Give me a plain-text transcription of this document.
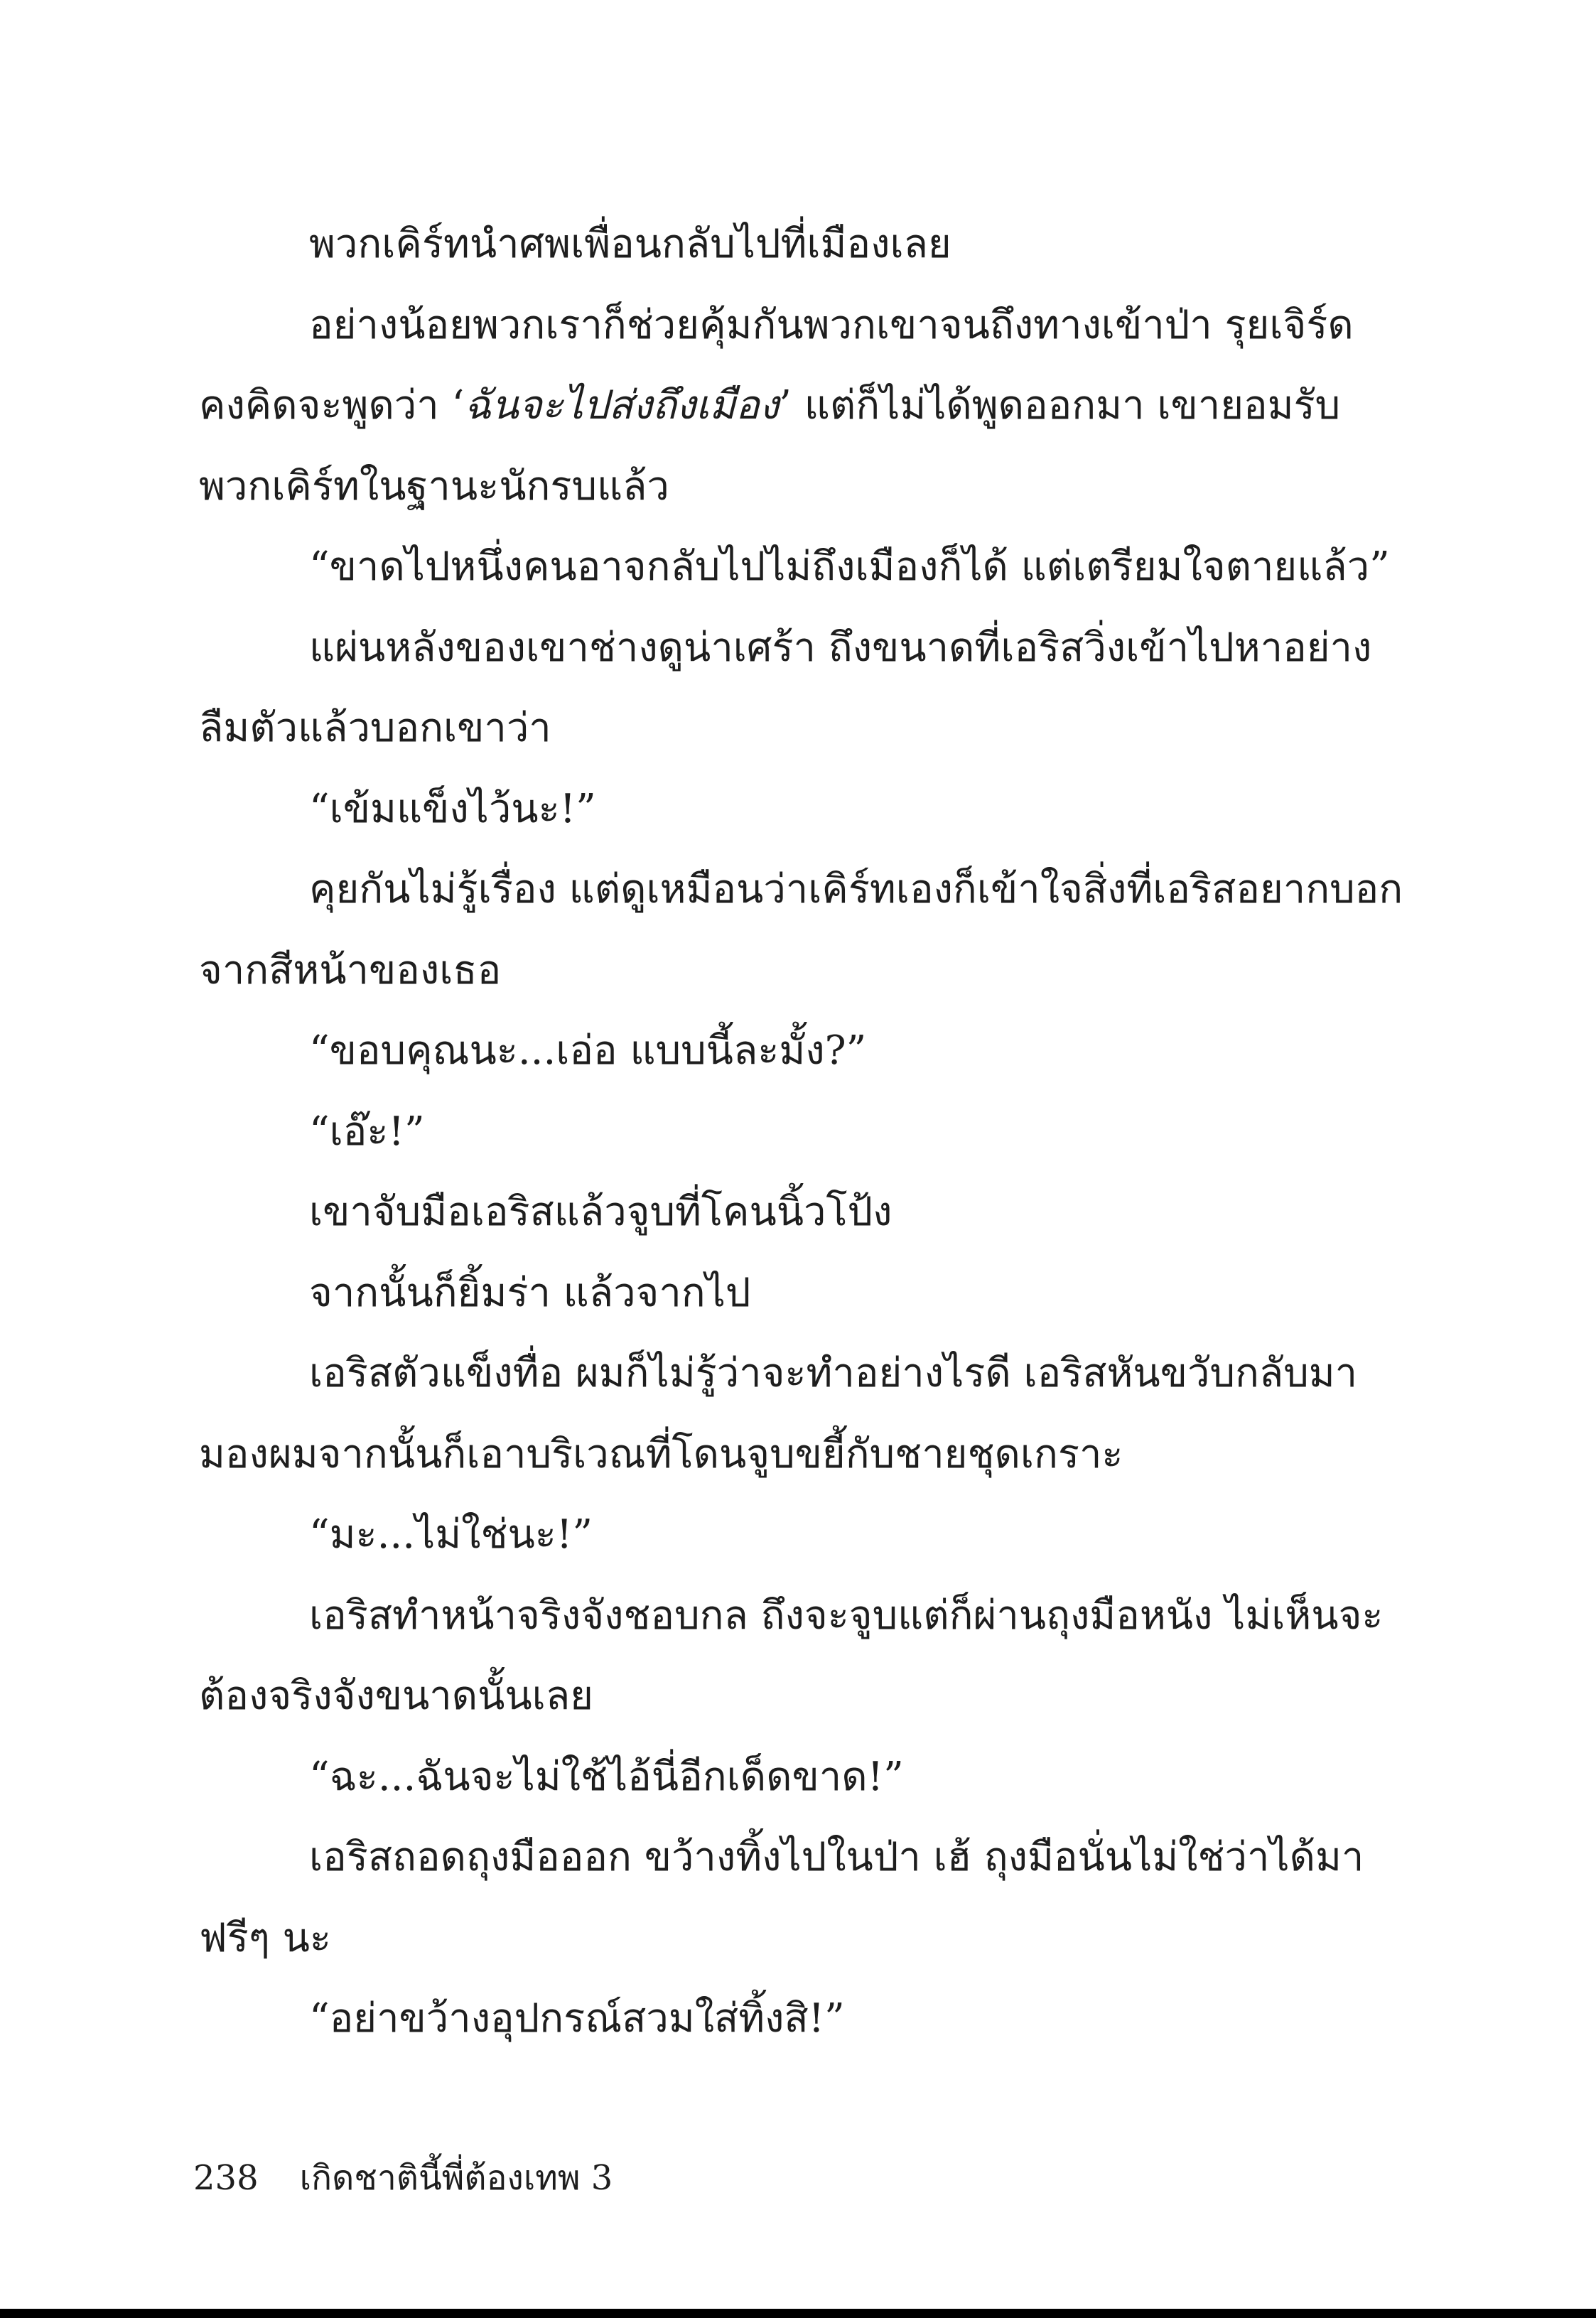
พวกเคิร์ทนำศพเพื่อนกลับไปที่เมืองเลย
อย่างน้อยพวกเราก็ช่วยคุ้มกันพวกเขาจนถึงทางเข้าป่า รุยเจิร์ด
คงคิดจะพูดว่า ‘ฉันจะไปส่งถึงเมือง’ แต่ก็ไม่ได้พูดออกมา เขายอมรับ
พวกเคิร์ทในฐานะนักรบแล้ว
“ขาดไปหนึ่งคนอาจกลับไปไม่ถึงเมืองก็ได้ แต่เตรียมใจตายแล้ว”
แผ่นหลังของเขาช่างดูน่าเศร้า ถึงขนาดที่เอริสวิ่งเข้าไปหาอย่าง
ลืมตัวแล้วบอกเขาว่า
“เข้มแข็งไว้นะ!”
คุยกันไม่รู้เรื่อง แต่ดูเหมือนว่าเคิร์ทเองก็เข้าใจสิ่งที่เอริสอยากบอก
จากสีหน้าของเธอ
“ขอบคุณนะ...เอ่อ แบบนี้ละมั้ง?”
“เอ๊ะ!”
เขาจับมือเอริสแล้วจูบที่โคนนิ้วโป้ง
จากนั้นก็ยิ้มร่า แล้วจากไป
เอริสตัวแข็งทื่อ ผมก็ไม่รู้ว่าจะทำอย่างไรดี เอริสหันขวับกลับมา
มองผมจากนั้นก็เอาบริเวณที่โดนจูบขยี้กับชายชุดเกราะ
“มะ...ไม่ใช่นะ!”
เอริสทำหน้าจริงจังชอบกล ถึงจะจูบแต่ก็ผ่านถุงมือหนัง ไม่เห็นจะ
ต้องจริงจังขนาดนั้นเลย
“ฉะ...ฉันจะไม่ใช้ไอ้นี่อีกเด็ดขาด!”
เอริสถอดถุงมือออก ขว้างทิ้งไปในป่า เฮ้ ถุงมือนั่นไม่ใช่ว่าได้มา
ฟรีๆ นะ
“อย่าขว้างอุปกรณ์สวมใส่ทิ้งสิ!”
238 เกิดชาตินี้พี่ต้องเทพ 3
